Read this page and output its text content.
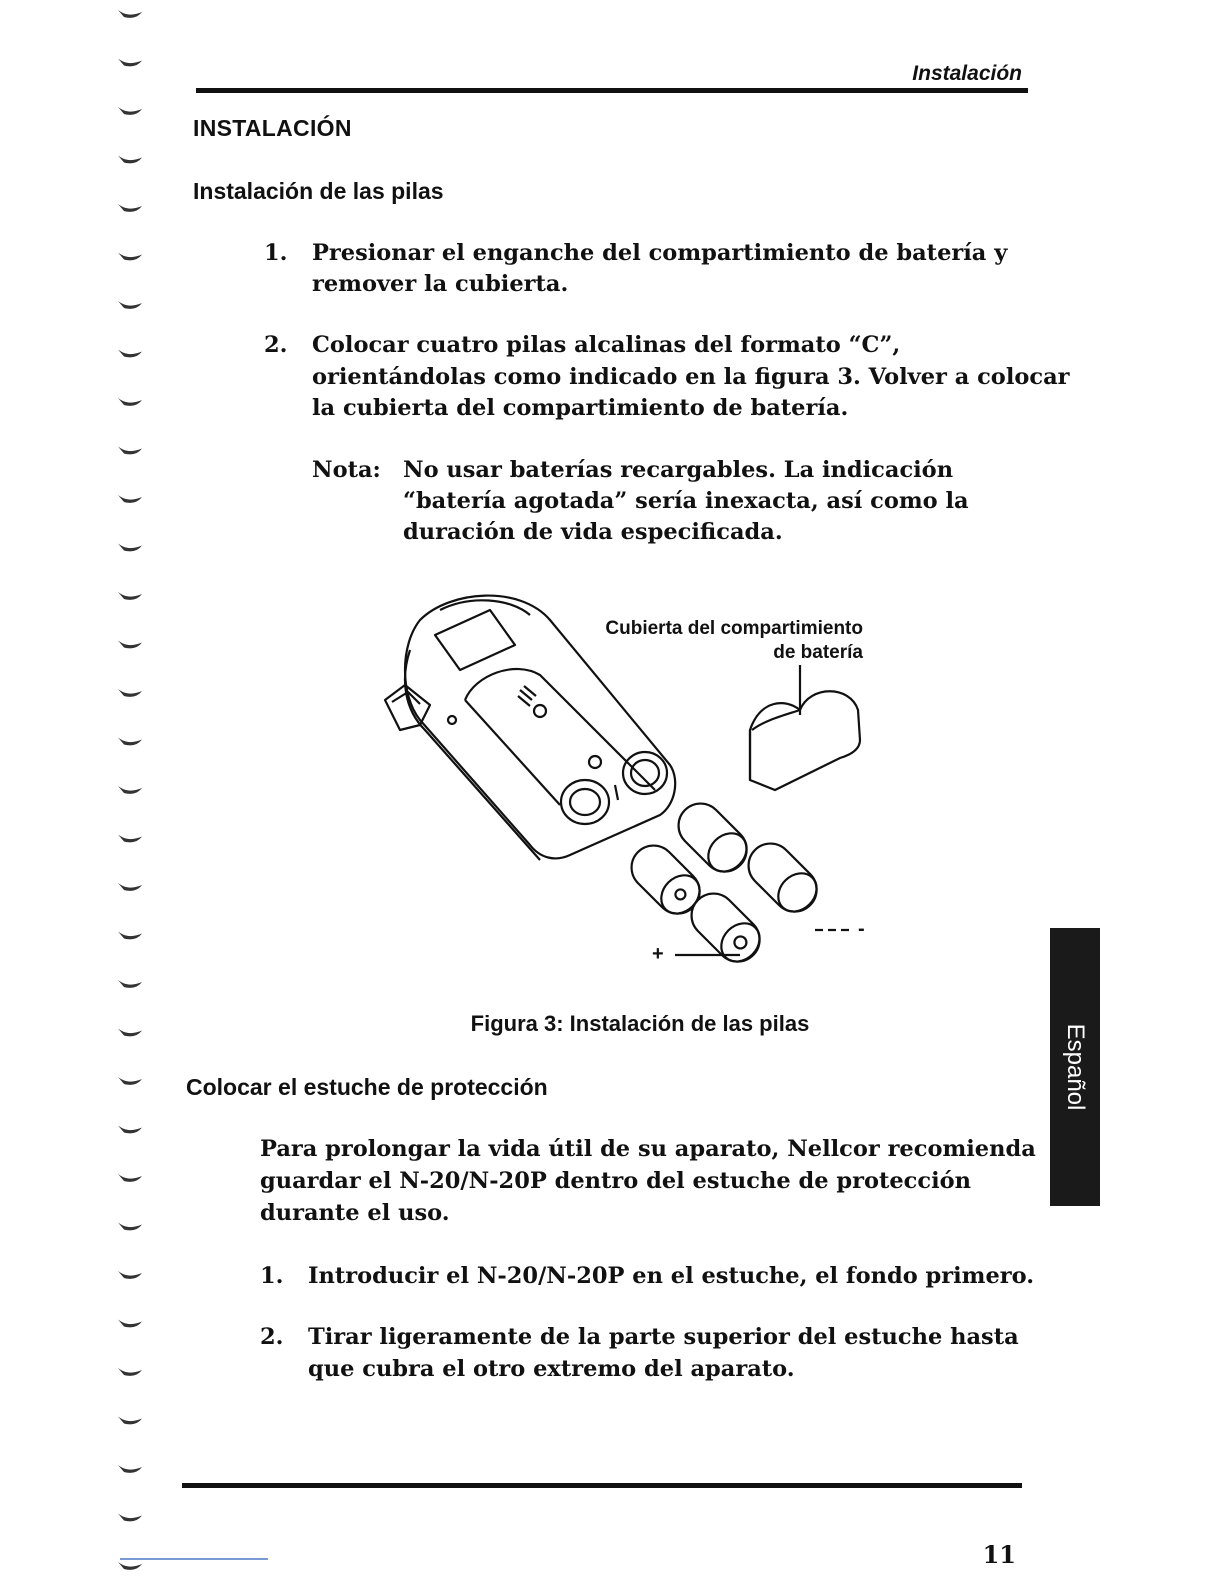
Instalación
INSTALACIÓN
Instalación de las pilas
1. Presionar el enganche del compartimiento de batería y

remover la cubierta.

2. Colocar cuatro pilas alcalinas del formato “C”,

orientándolas como indicado en la figura 3. Volver a colocar

la cubierta del compartimiento de batería.

Nota: No usar baterías recargables. La indicación

“batería agotada” sería inexacta, así como la

duración de vida especificada.

Cubierta del compartimiento
de batería
+
-
Figura 3: Instalación de las pilas
Colocar el estuche de protección

Para prolongar la vida útil de su aparato, Nellcor recomienda

guardar el N-20/N-20P dentro del estuche de protección

durante el uso.

1. Introducir el N-20/N-20P en el estuche, el fondo primero.

2. Tirar ligeramente de la parte superior del estuche hasta

que cubra el otro extremo del aparato.

Español
11
